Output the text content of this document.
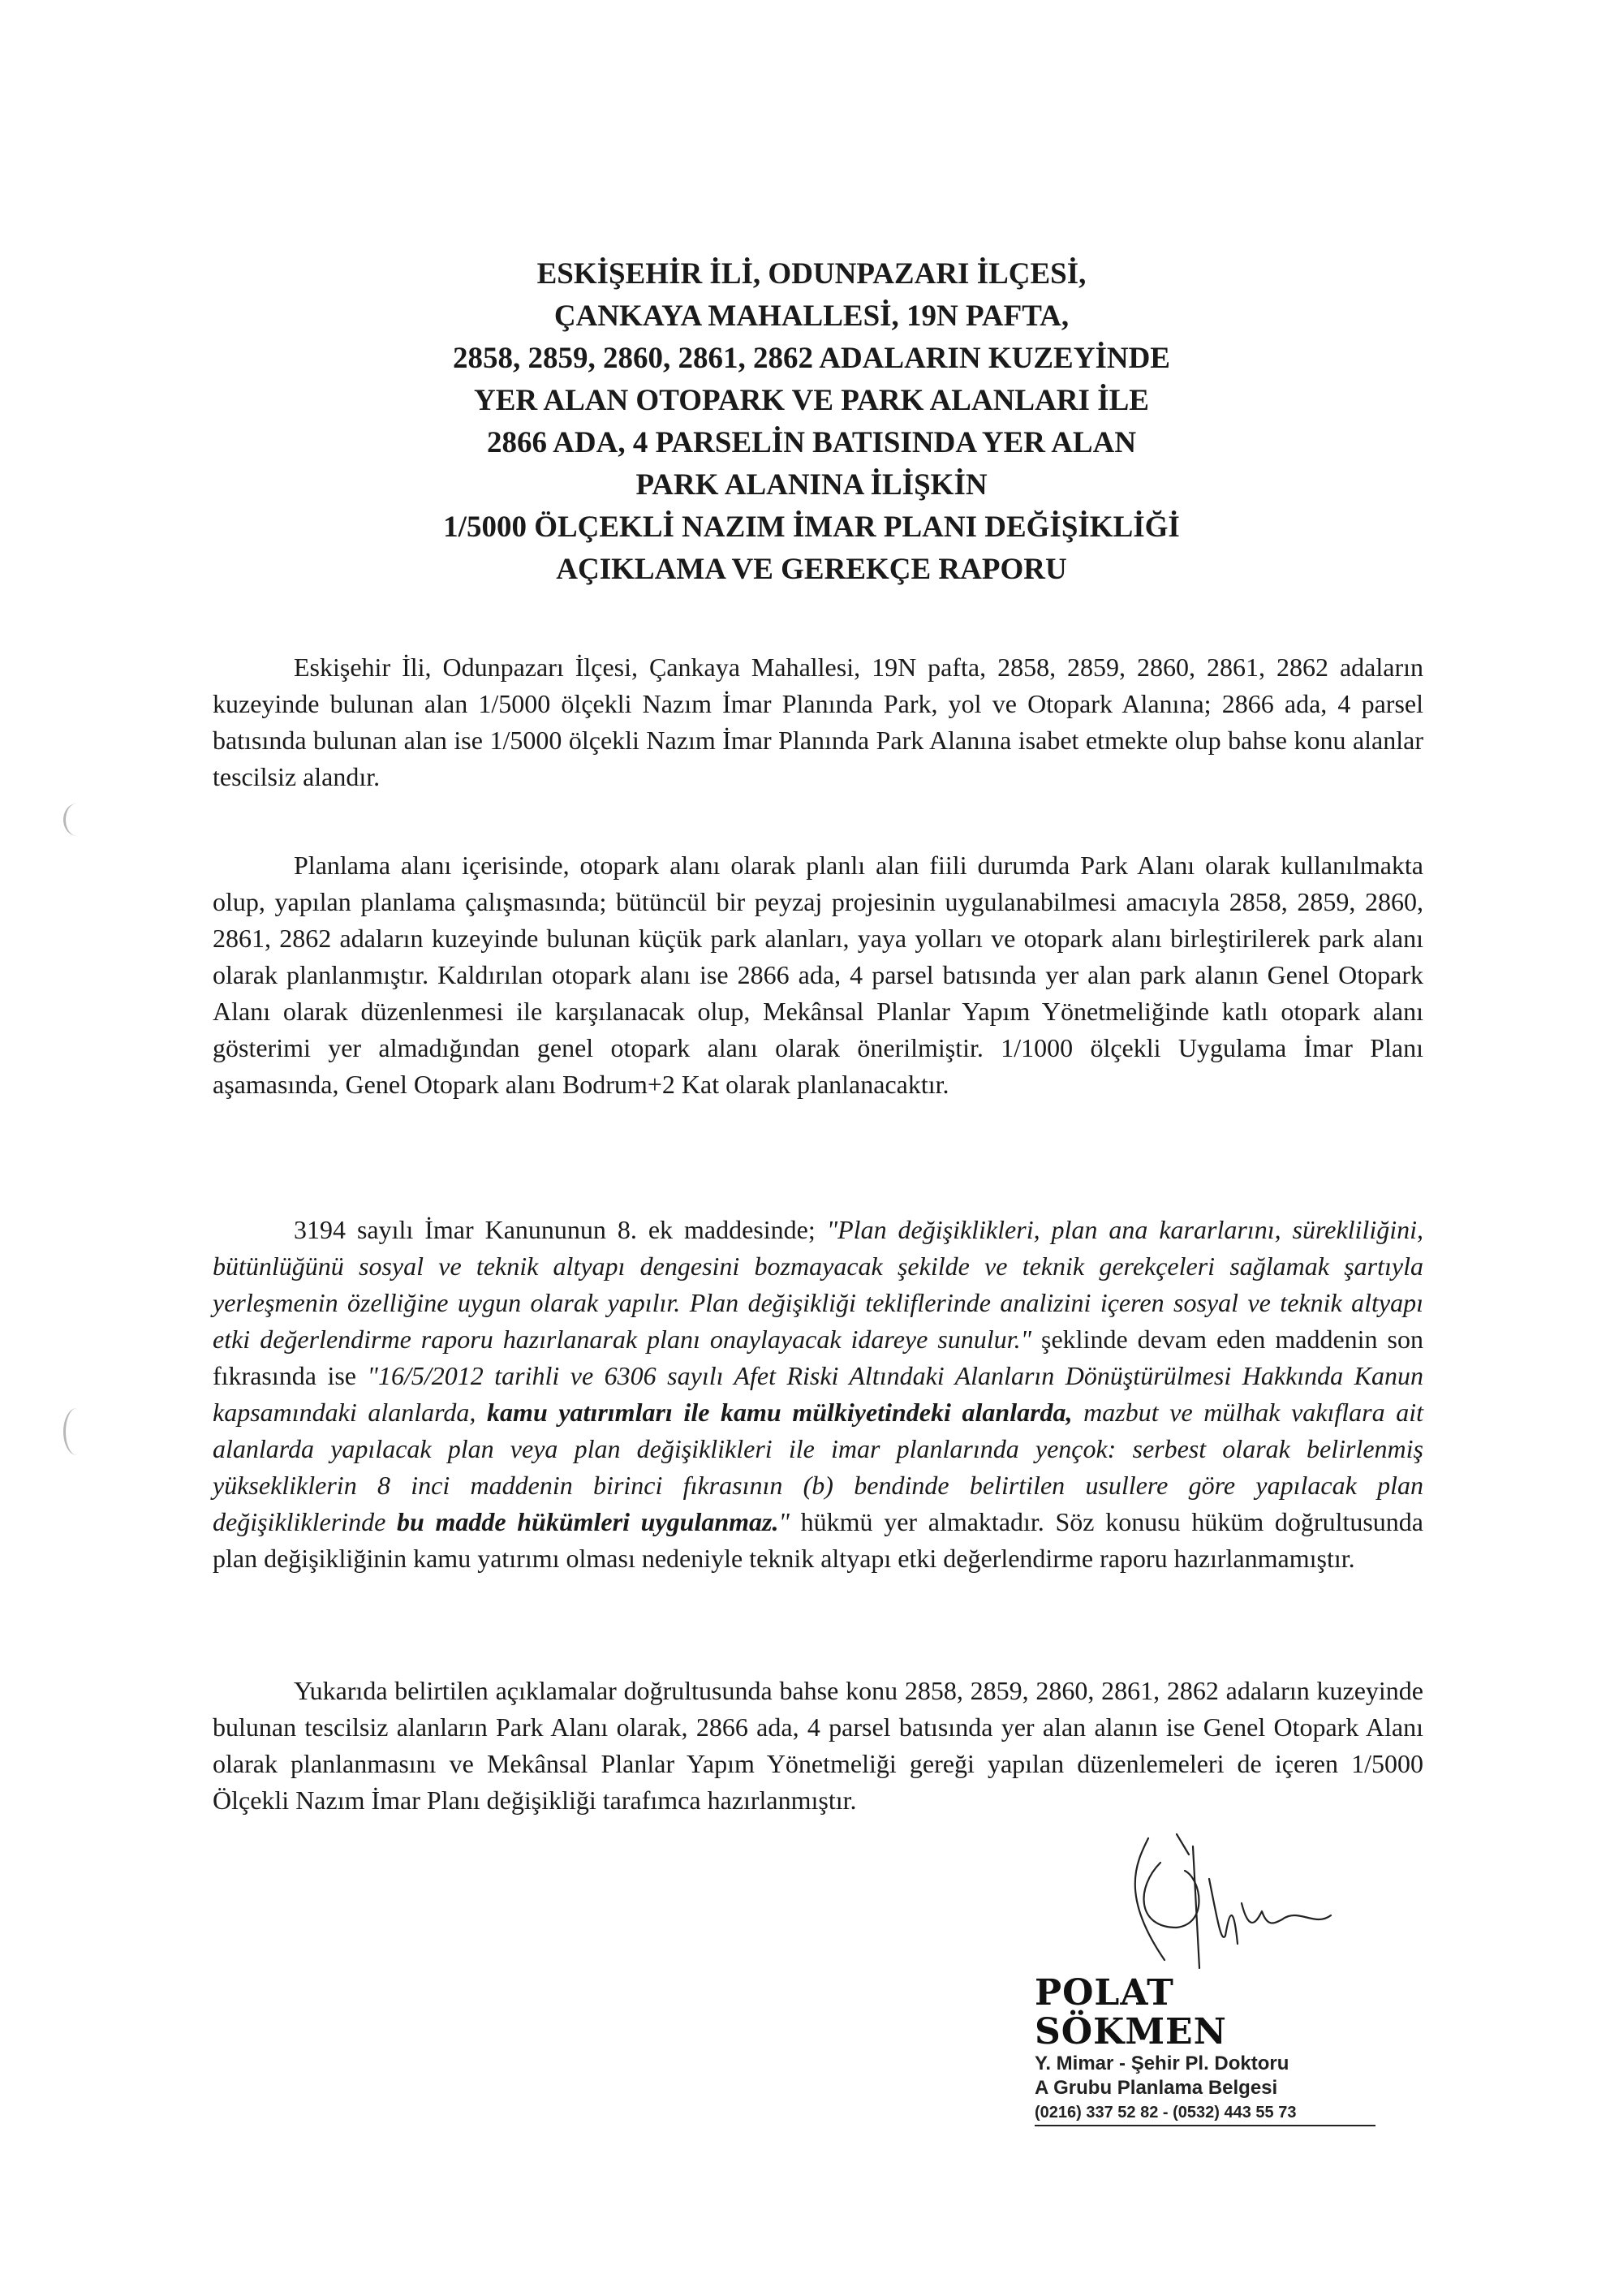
ESKİŞEHİR İLİ, ODUNPAZARI İLÇESİ,
ÇANKAYA MAHALLESİ, 19N PAFTA,
2858, 2859, 2860, 2861, 2862 ADALARIN KUZEYİNDE
YER ALAN OTOPARK VE PARK ALANLARI İLE
2866 ADA, 4 PARSELİN BATISINDA YER ALAN
PARK ALANINA İLİŞKİN
1/5000 ÖLÇEKLİ NAZIM İMAR PLANI DEĞİŞİKLİĞİ
AÇIKLAMA VE GEREKÇE RAPORU

Eskişehir İli, Odunpazarı İlçesi, Çankaya Mahallesi, 19N pafta, 2858, 2859, 2860, 2861, 2862 adaların kuzeyinde bulunan alan 1/5000 ölçekli Nazım İmar Planında Park, yol ve Otopark Alanına; 2866 ada, 4 parsel batısında bulunan alan ise 1/5000 ölçekli Nazım İmar Planında Park Alanına isabet etmekte olup bahse konu alanlar tescilsiz alandır.

Planlama alanı içerisinde, otopark alanı olarak planlı alan fiili durumda Park Alanı olarak kullanılmakta olup, yapılan planlama çalışmasında; bütüncül bir peyzaj projesinin uygulanabilmesi amacıyla 2858, 2859, 2860, 2861, 2862 adaların kuzeyinde bulunan küçük park alanları, yaya yolları ve otopark alanı birleştirilerek park alanı olarak planlanmıştır. Kaldırılan otopark alanı ise 2866 ada, 4 parsel batısında yer alan park alanın Genel Otopark Alanı olarak düzenlenmesi ile karşılanacak olup, Mekânsal Planlar Yapım Yönetmeliğinde katlı otopark alanı gösterimi yer almadığından genel otopark alanı olarak önerilmiştir. 1/1000 ölçekli Uygulama İmar Planı aşamasında, Genel Otopark alanı Bodrum+2 Kat olarak planlanacaktır.

3194 sayılı İmar Kanununun 8. ek maddesinde; "Plan değişiklikleri, plan ana kararlarını, sürekliliğini, bütünlüğünü sosyal ve teknik altyapı dengesini bozmayacak şekilde ve teknik gerekçeleri sağlamak şartıyla yerleşmenin özelliğine uygun olarak yapılır. Plan değişikliği tekliflerinde analizini içeren sosyal ve teknik altyapı etki değerlendirme raporu hazırlanarak planı onaylayacak idareye sunulur." şeklinde devam eden maddenin son fıkrasında ise "16/5/2012 tarihli ve 6306 sayılı Afet Riski Altındaki Alanların Dönüştürülmesi Hakkında Kanun kapsamındaki alanlarda, kamu yatırımları ile kamu mülkiyetindeki alanlarda, mazbut ve mülhak vakıflara ait alanlarda yapılacak plan veya plan değişiklikleri ile imar planlarında yençok: serbest olarak belirlenmiş yüksekliklerin 8 inci maddenin birinci fıkrasının (b) bendinde belirtilen usullere göre yapılacak plan değişikliklerinde bu madde hükümleri uygulanmaz." hükmü yer almaktadır. Söz konusu hüküm doğrultusunda plan değişikliğinin kamu yatırımı olması nedeniyle teknik altyapı etki değerlendirme raporu hazırlanmamıştır.

Yukarıda belirtilen açıklamalar doğrultusunda bahse konu 2858, 2859, 2860, 2861, 2862 adaların kuzeyinde bulunan tescilsiz alanların Park Alanı olarak, 2866 ada, 4 parsel batısında yer alan alanın ise Genel Otopark Alanı olarak planlanmasını ve Mekânsal Planlar Yapım Yönetmeliği gereği yapılan düzenlemeleri de içeren 1/5000 Ölçekli Nazım İmar Planı değişikliği tarafımca hazırlanmıştır.

POLAT SÖKMEN
Y. Mimar - Şehir Pl. Doktoru
A Grubu Planlama Belgesi
(0216) 337 52 82 - (0532) 443 55 73
